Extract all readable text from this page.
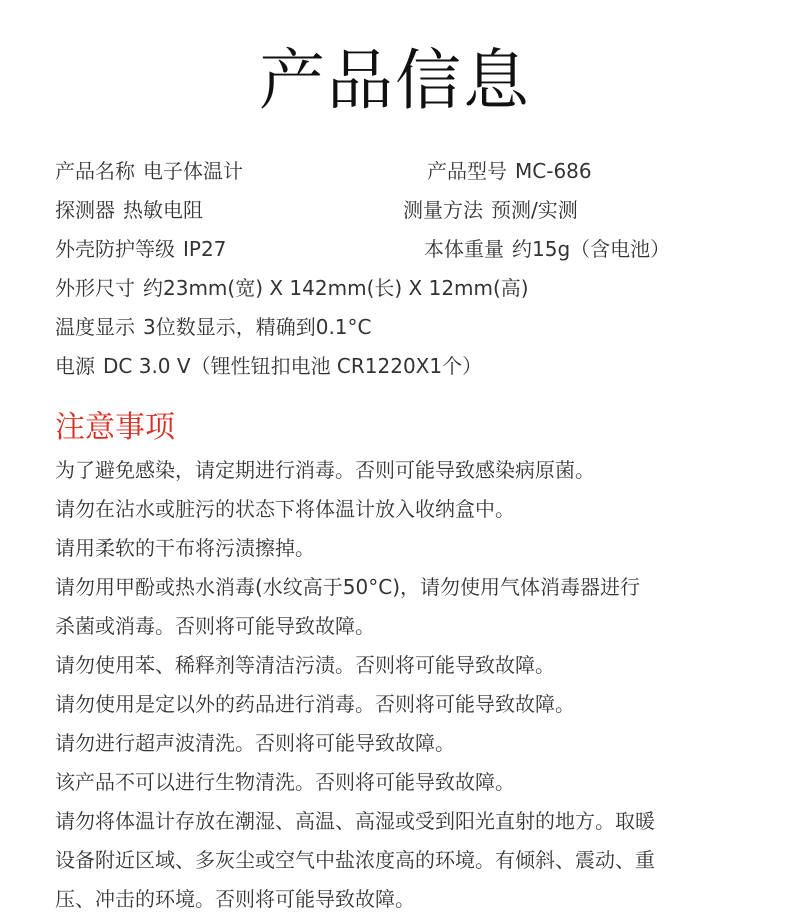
产品信息
产品名称 电子体温计	产品型号 MC-686
探测器 热敏电阻	测量方法 预测/实测
外壳防护等级 IP27	本体重量 约15g（含电池）
外形尺寸 约23mm(宽) X 142mm(长) X 12mm(高)
温度显示 3位数显示，精确到0.1°C
电源 DC 3.0 V（锂性钮扣电池 CR1220X1个）
注意事项
为了避免感染，请定期进行消毒。否则可能导致感染病原菌。
请勿在沾水或脏污的状态下将体温计放入收纳盒中。
请用柔软的干布将污渍擦掉。
请勿用甲酚或热水消毒(水纹高于50°C)，请勿使用气体消毒器进行
杀菌或消毒。否则将可能导致故障。
请勿使用苯、稀释剂等清洁污渍。否则将可能导致故障。
请勿使用是定以外的药品进行消毒。否则将可能导致故障。
请勿进行超声波清洗。否则将可能导致故障。
该产品不可以进行生物清洗。否则将可能导致故障。
请勿将体温计存放在潮湿、高温、高湿或受到阳光直射的地方。取暖
设备附近区域、多灰尘或空气中盐浓度高的环境。有倾斜、震动、重
压、冲击的环境。否则将可能导致故障。
